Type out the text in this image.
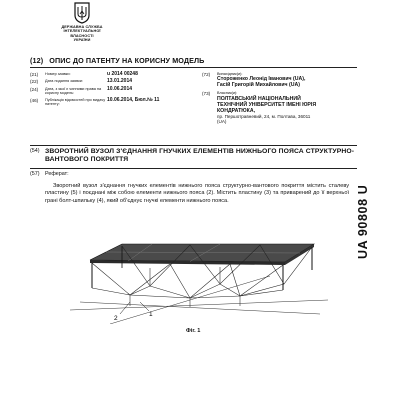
ДЕРЖАВНА СЛУЖБА
ІНТЕЛЕКТУАЛЬНОЇ
ВЛАСНОСТІ
УКРАЇНИ
(12) ОПИС ДО ПАТЕНТУ НА КОРИСНУ МОДЕЛЬ
(21)	Номер заявки:	u 2014 00248
(22)	Дата подання заявки:	13.01.2014
(24)	Дата, з якої є чинними права на корисну модель:
10.06.2014
(46)	Публікація відомостей про видачу патенту:
10.06.2014, Бюл.№ 11
(72)	Винахідник(и):
Стороженко Леонід Іванович (UA),
Гасій Григорій Михайлович (UA)
(73)	Власник(и):
ПОЛТАВСЬКИЙ НАЦІОНАЛЬНИЙ
ТЕХНІЧНИЙ УНІВЕРСИТЕТ ІМЕНІ ЮРІЯ
КОНДРАТЮКА,
пр. Першотравневий, 24, м. Полтава, 36011
(UA)
(54) ЗВОРОТНИЙ ВУЗОЛ З'ЄДНАННЯ ГНУЧКИХ ЕЛЕМЕНТІВ НИЖНЬОГО ПОЯСА СТРУКТУРНО-
ВАНТОВОГО ПОКРИТТЯ
(57)	Реферат:
Зворотний вузол з'єднання гнучких елементів нижнього пояса структурно-вантового покриття містить сталеву пластину (5) і поєднані між собою елементи нижнього пояса (2). Містить пластину (3) та приварений до її верхньої грані болт-шпильку (4), який об'єднує гнучкі елементи нижнього пояса.	UA 90808 U
2
1
Фіг. 1
